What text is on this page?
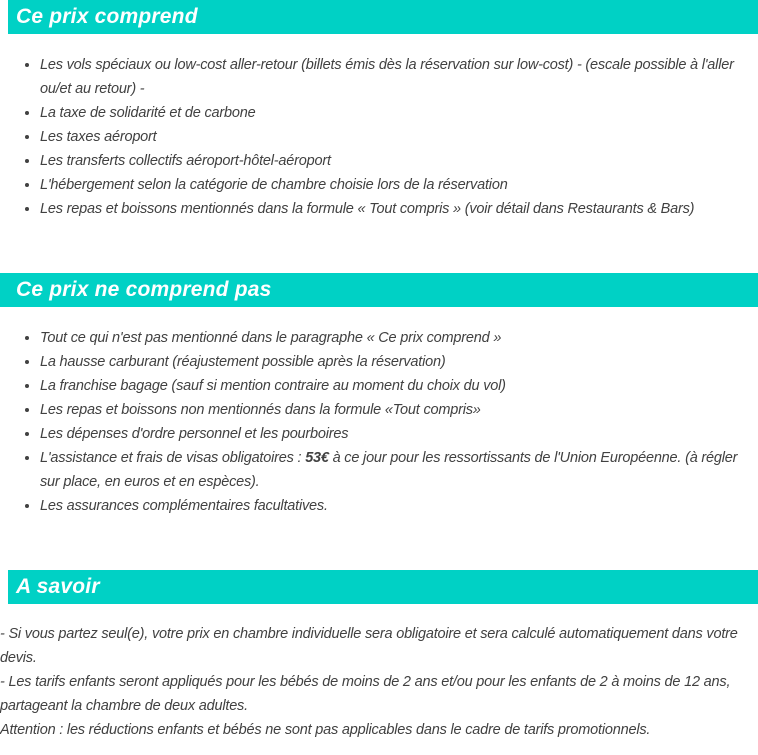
Ce prix comprend
• Les vols spéciaux ou low-cost aller-retour (billets émis dès la réservation sur low-cost) - (escale possible à l'aller ou/et au retour) -
• La taxe de solidarité et de carbone
• Les taxes aéroport
• Les transferts collectifs aéroport-hôtel-aéroport
• L'hébergement selon la catégorie de chambre choisie lors de la réservation
• Les repas et boissons mentionnés dans la formule « Tout compris » (voir détail dans Restaurants & Bars)
Ce prix ne comprend pas
• Tout ce qui n'est pas mentionné dans le paragraphe « Ce prix comprend »
• La hausse carburant (réajustement possible après la réservation)
• La franchise bagage (sauf si mention contraire au moment du choix du vol)
• Les repas et boissons non mentionnés dans la formule «Tout compris»
• Les dépenses d'ordre personnel et les pourboires
• L'assistance et frais de visas obligatoires : 53€ à ce jour pour les ressortissants de l'Union Européenne. (à régler sur place, en euros et en espèces).
• Les assurances complémentaires facultatives.
A savoir

- Si vous partez seul(e), votre prix en chambre individuelle sera obligatoire et sera calculé automatiquement dans votre devis.

- Les tarifs enfants seront appliqués pour les bébés de moins de 2 ans et/ou pour les enfants de 2 à moins de 12 ans, partageant la chambre de deux adultes.

Attention : les réductions enfants et bébés ne sont pas applicables dans le cadre de tarifs promotionnels.
